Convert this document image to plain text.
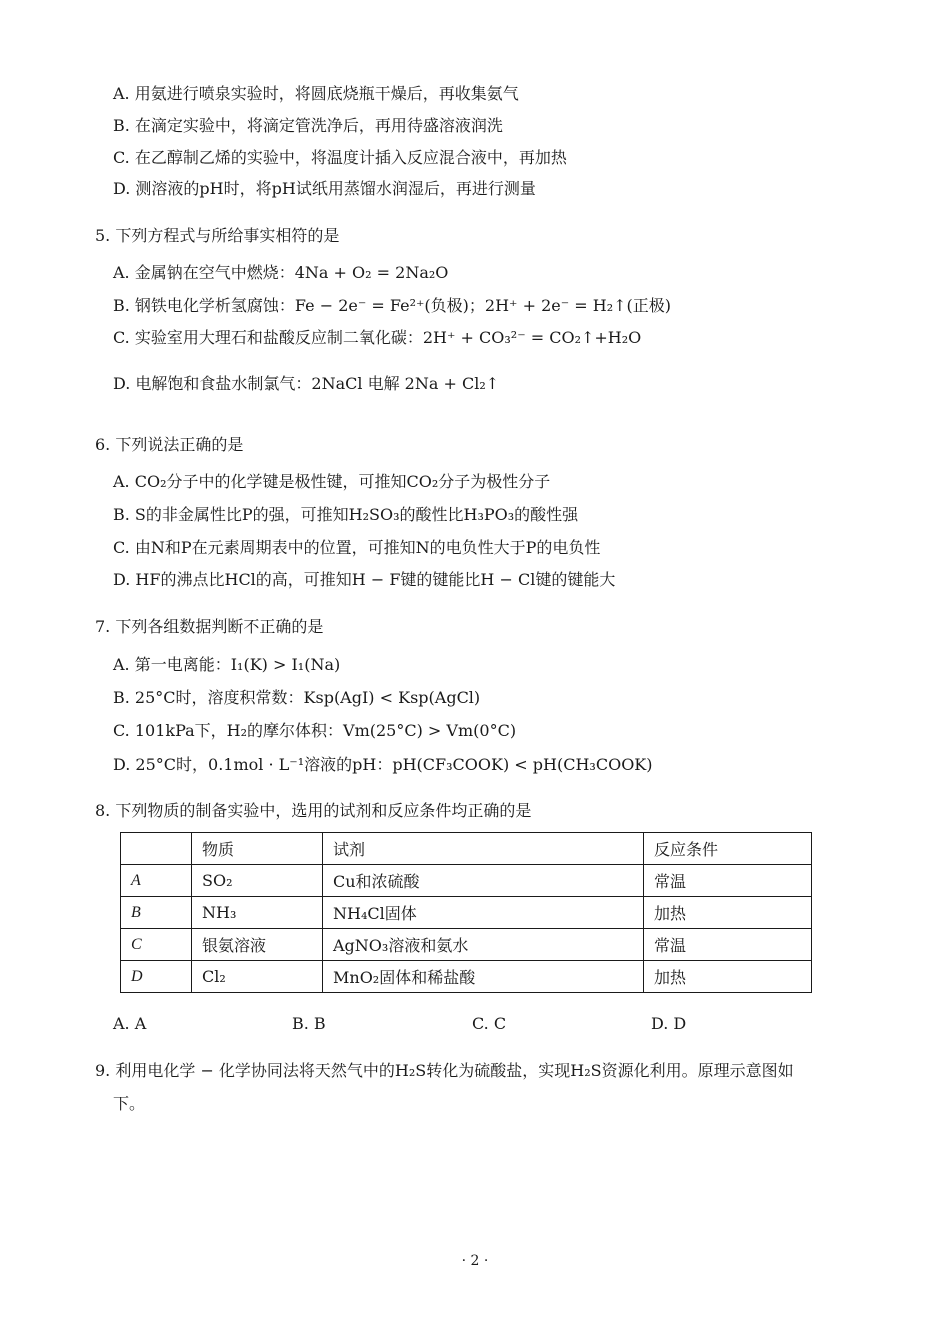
A. 用氨进行喷泉实验时，将圆底烧瓶干燥后，再收集氨气
B. 在滴定实验中，将滴定管洗净后，再用待盛溶液润洗
C. 在乙醇制乙烯的实验中，将温度计插入反应混合液中，再加热
D. 测溶液的pH时，将pH试纸用蒸馏水润湿后，再进行测量
5. 下列方程式与所给事实相符的是
A. 金属钠在空气中燃烧：4Na + O₂ = 2Na₂O
B. 钢铁电化学析氢腐蚀：Fe − 2e⁻ = Fe²⁺(负极)；2H⁺ + 2e⁻ = H₂↑(正极)
C. 实验室用大理石和盐酸反应制二氧化碳：2H⁺ + CO₃²⁻ = CO₂↑+H₂O
D. 电解饱和食盐水制氯气：2NaCl 电解 2Na + Cl₂↑
6. 下列说法正确的是
A. CO₂分子中的化学键是极性键，可推知CO₂分子为极性分子
B. S的非金属性比P的强，可推知H₂SO₃的酸性比H₃PO₃的酸性强
C. 由N和P在元素周期表中的位置，可推知N的电负性大于P的电负性
D. HF的沸点比HCl的高，可推知H − F键的键能比H − Cl键的键能大
7. 下列各组数据判断不正确的是
A. 第一电离能：I₁(K) > I₁(Na)
B. 25°C时，溶度积常数：Ksp(AgI) < Ksp(AgCl)
C. 101kPa下，H₂的摩尔体积：Vm(25°C) > Vm(0°C)
D. 25°C时，0.1mol · L⁻¹溶液的pH：pH(CF₃COOK) < pH(CH₃COOK)
8. 下列物质的制备实验中，选用的试剂和反应条件均正确的是
	物质	试剂	反应条件
A	SO₂	Cu和浓硫酸	常温
B	NH₃	NH₄Cl固体	加热
C	银氨溶液	AgNO₃溶液和氨水	常温
D	Cl₂	MnO₂固体和稀盐酸	加热
A. A	B. B	C. C	D. D
9. 利用电化学 − 化学协同法将天然气中的H₂S转化为硫酸盐，实现H₂S资源化利用。原理示意图如
下。
· 2 ·
